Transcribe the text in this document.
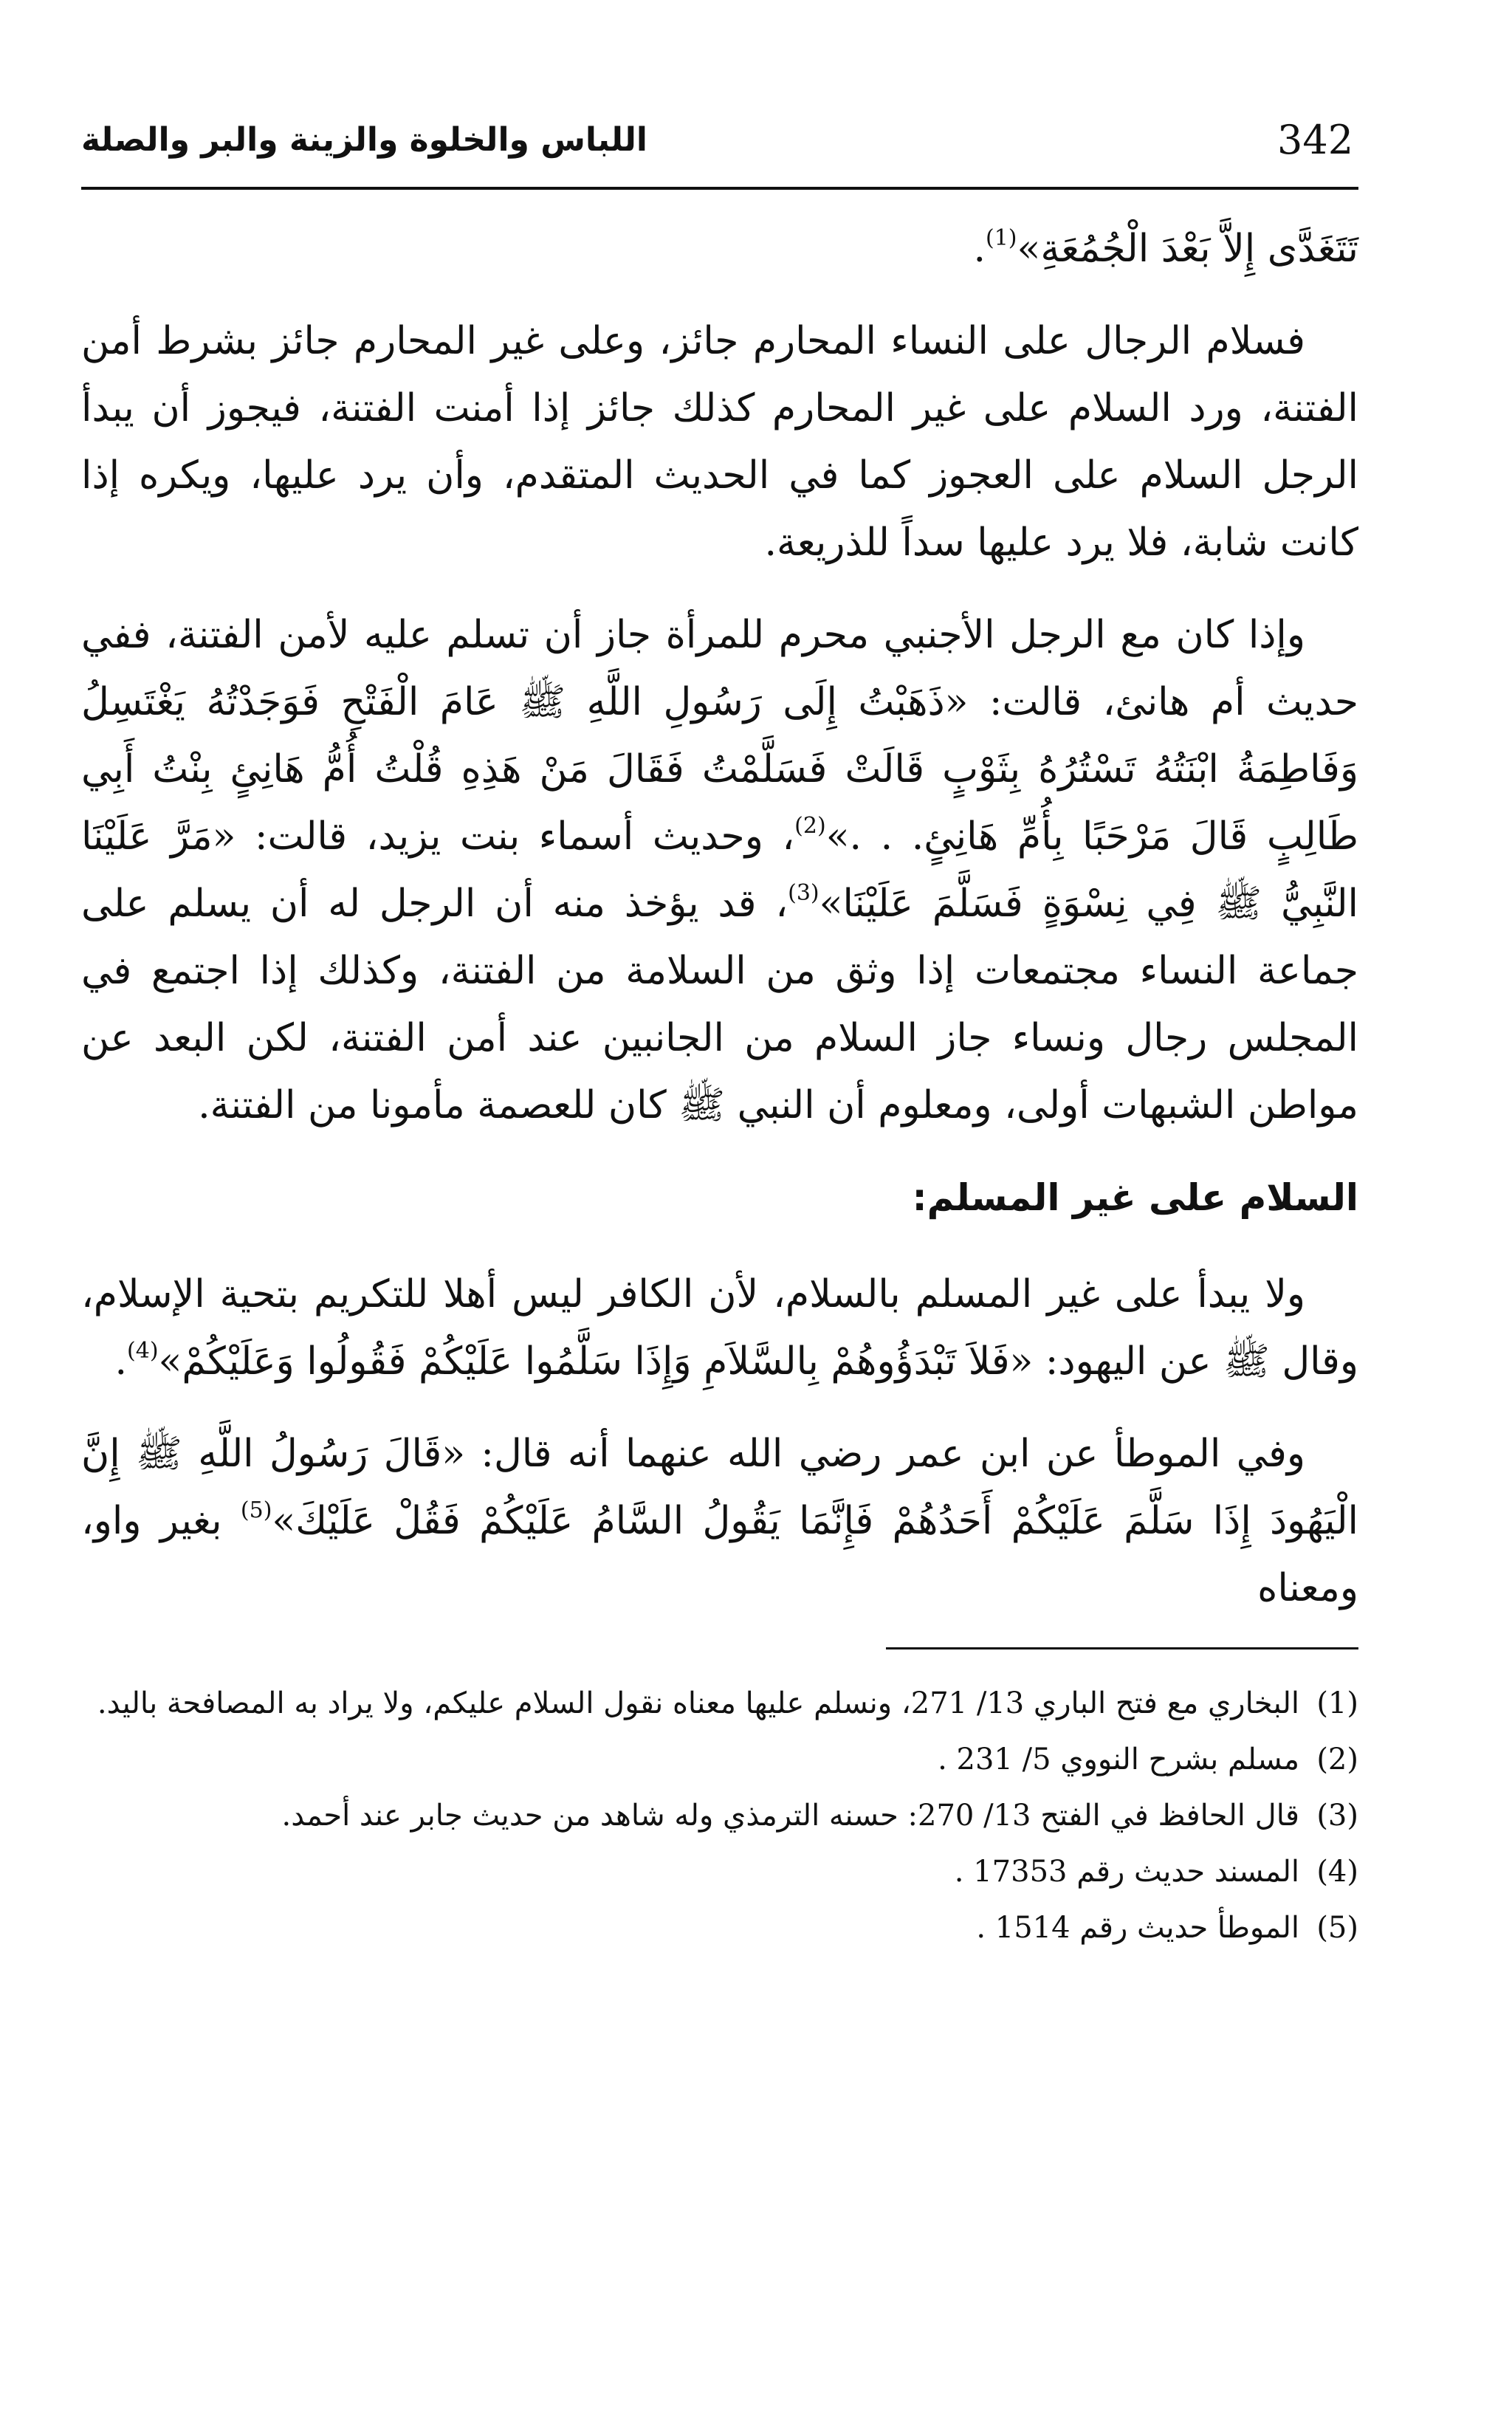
342
اللباس والخلوة والزينة والبر والصلة

تَتَغَدَّى إِلاَّ بَعْدَ الْجُمُعَةِ»$^{(1)}$.

فسلام الرجال على النساء المحارم جائز، وعلى غير المحارم جائز بشرط أمن الفتنة، ورد السلام على غير المحارم كذلك جائز إذا أمنت الفتنة، فيجوز أن يبدأ الرجل السلام على العجوز كما في الحديث المتقدم، وأن يرد عليها، ويكره إذا كانت شابة، فلا يرد عليها سداً للذريعة.

وإذا كان مع الرجل الأجنبي محرم للمرأة جاز أن تسلم عليه لأمن الفتنة، ففي حديث أم هانئ، قالت: «ذَهَبْتُ إِلَى رَسُولِ اللَّهِ ﷺ عَامَ الْفَتْحِ فَوَجَدْتُهُ يَغْتَسِلُ وَفَاطِمَةُ ابْنَتُهُ تَسْتُرُهُ بِثَوْبٍ قَالَتْ فَسَلَّمْتُ فَقَالَ مَنْ هَذِهِ قُلْتُ أُمُّ هَانِئٍ بِنْتُ أَبِي طَالِبٍ قَالَ مَرْحَبًا بِأُمِّ هَانِئٍ. . .»$^{(2)}$، وحديث أسماء بنت يزيد، قالت: «مَرَّ عَلَيْنَا النَّبِيُّ ﷺ فِي نِسْوَةٍ فَسَلَّمَ عَلَيْنَا»$^{(3)}$، قد يؤخذ منه أن الرجل له أن يسلم على جماعة النساء مجتمعات إذا وثق من السلامة من الفتنة، وكذلك إذا اجتمع في المجلس رجال ونساء جاز السلام من الجانبين عند أمن الفتنة، لكن البعد عن مواطن الشبهات أولى، ومعلوم أن النبي ﷺ كان للعصمة مأمونا من الفتنة.

السلام على غير المسلم:

ولا يبدأ على غير المسلم بالسلام، لأن الكافر ليس أهلا للتكريم بتحية الإسلام، وقال ﷺ عن اليهود: «فَلاَ تَبْدَؤُوهُمْ بِالسَّلاَمِ وَإِذَا سَلَّمُوا عَلَيْكُمْ فَقُولُوا وَعَلَيْكُمْ»$^{(4)}$.

وفي الموطأ عن ابن عمر رضي الله عنهما أنه قال: «قَالَ رَسُولُ اللَّهِ ﷺ إِنَّ الْيَهُودَ إِذَا سَلَّمَ عَلَيْكُمْ أَحَدُهُمْ فَإِنَّمَا يَقُولُ السَّامُ عَلَيْكُمْ فَقُلْ عَلَيْكَ»$^{(5)}$ بغير واو، ومعناه

(1)
البخاري مع فتح الباري 13/ 271، ونسلم عليها معناه نقول السلام عليكم، ولا يراد به المصافحة باليد.
(2)
مسلم بشرح النووي 5/ 231 .
(3)
قال الحافظ في الفتح 13/ 270: حسنه الترمذي وله شاهد من حديث جابر عند أحمد.
(4)
المسند حديث رقم 17353 .
(5)
الموطأ حديث رقم 1514 .
